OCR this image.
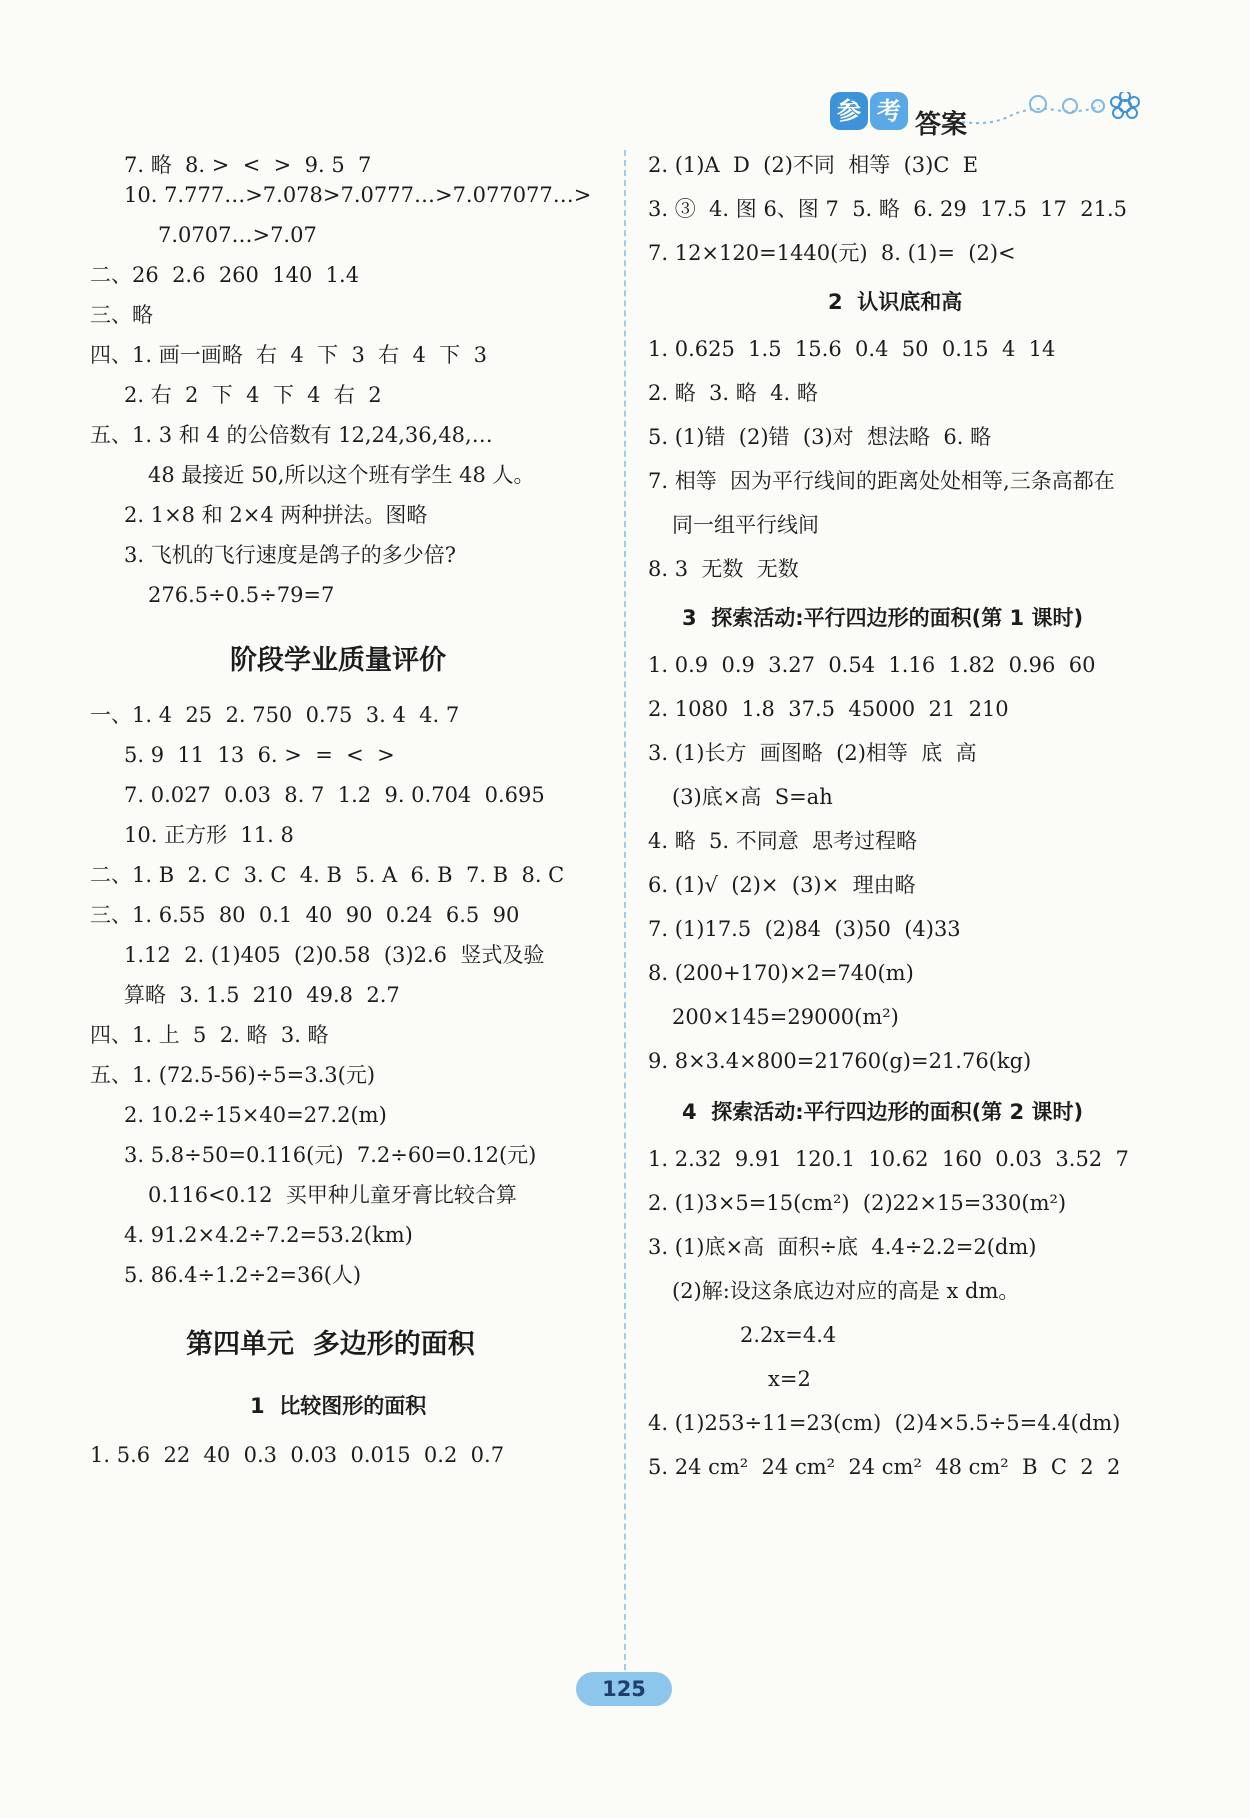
参 考 答案
7. 略  8. >  <  >  9. 5  7
10. 7.777…>7.078>7.0777…>7.077077…>
7.0707…>7.07
二、26  2.6  260  140  1.4
三、略
四、1. 画一画略  右  4  下  3  右  4  下  3
2. 右  2  下  4  下  4  右  2
五、1. 3 和 4 的公倍数有 12,24,36,48,…
48 最接近 50,所以这个班有学生 48 人。
2. 1×8 和 2×4 两种拼法。图略
3. 飞机的飞行速度是鸽子的多少倍?
276.5÷0.5÷79=7
阶段学业质量评价
一、1. 4  25  2. 750  0.75  3. 4  4. 7
5. 9  11  13  6. >  =  <  >
7. 0.027  0.03  8. 7  1.2  9. 0.704  0.695
10. 正方形  11. 8
二、1. B  2. C  3. C  4. B  5. A  6. B  7. B  8. C
三、1. 6.55  80  0.1  40  90  0.24  6.5  90
1.12  2. (1)405  (2)0.58  (3)2.6  竖式及验
算略  3. 1.5  210  49.8  2.7
四、1. 上  5  2. 略  3. 略
五、1. (72.5-56)÷5=3.3(元)
2. 10.2÷15×40=27.2(m)
3. 5.8÷50=0.116(元)  7.2÷60=0.12(元)
0.116<0.12  买甲种儿童牙膏比较合算
4. 91.2×4.2÷7.2=53.2(km)
5. 86.4÷1.2÷2=36(人)
第四单元  多边形的面积
1  比较图形的面积
1. 5.6  22  40  0.3  0.03  0.015  0.2  0.7
2. (1)A  D  (2)不同  相等  (3)C  E
3. ③  4. 图 6、图 7  5. 略  6. 29  17.5  17  21.5
7. 12×120=1440(元)  8. (1)=  (2)<
2  认识底和高
1. 0.625  1.5  15.6  0.4  50  0.15  4  14
2. 略  3. 略  4. 略
5. (1)错  (2)错  (3)对  想法略  6. 略
7. 相等  因为平行线间的距离处处相等,三条高都在
同一组平行线间
8. 3  无数  无数
3  探索活动:平行四边形的面积(第 1 课时)
1. 0.9  0.9  3.27  0.54  1.16  1.82  0.96  60
2. 1080  1.8  37.5  45000  21  210
3. (1)长方  画图略  (2)相等  底  高
(3)底×高  S=ah
4. 略  5. 不同意  思考过程略
6. (1)√  (2)×  (3)×  理由略
7. (1)17.5  (2)84  (3)50  (4)33
8. (200+170)×2=740(m)
200×145=29000(m²)
9. 8×3.4×800=21760(g)=21.76(kg)
4  探索活动:平行四边形的面积(第 2 课时)
1. 2.32  9.91  120.1  10.62  160  0.03  3.52  7
2. (1)3×5=15(cm²)  (2)22×15=330(m²)
3. (1)底×高  面积÷底  4.4÷2.2=2(dm)
(2)解:设这条底边对应的高是 x dm。
2.2x=4.4
x=2
4. (1)253÷11=23(cm)  (2)4×5.5÷5=4.4(dm)
5. 24 cm²  24 cm²  24 cm²  48 cm²  B  C  2  2
125
